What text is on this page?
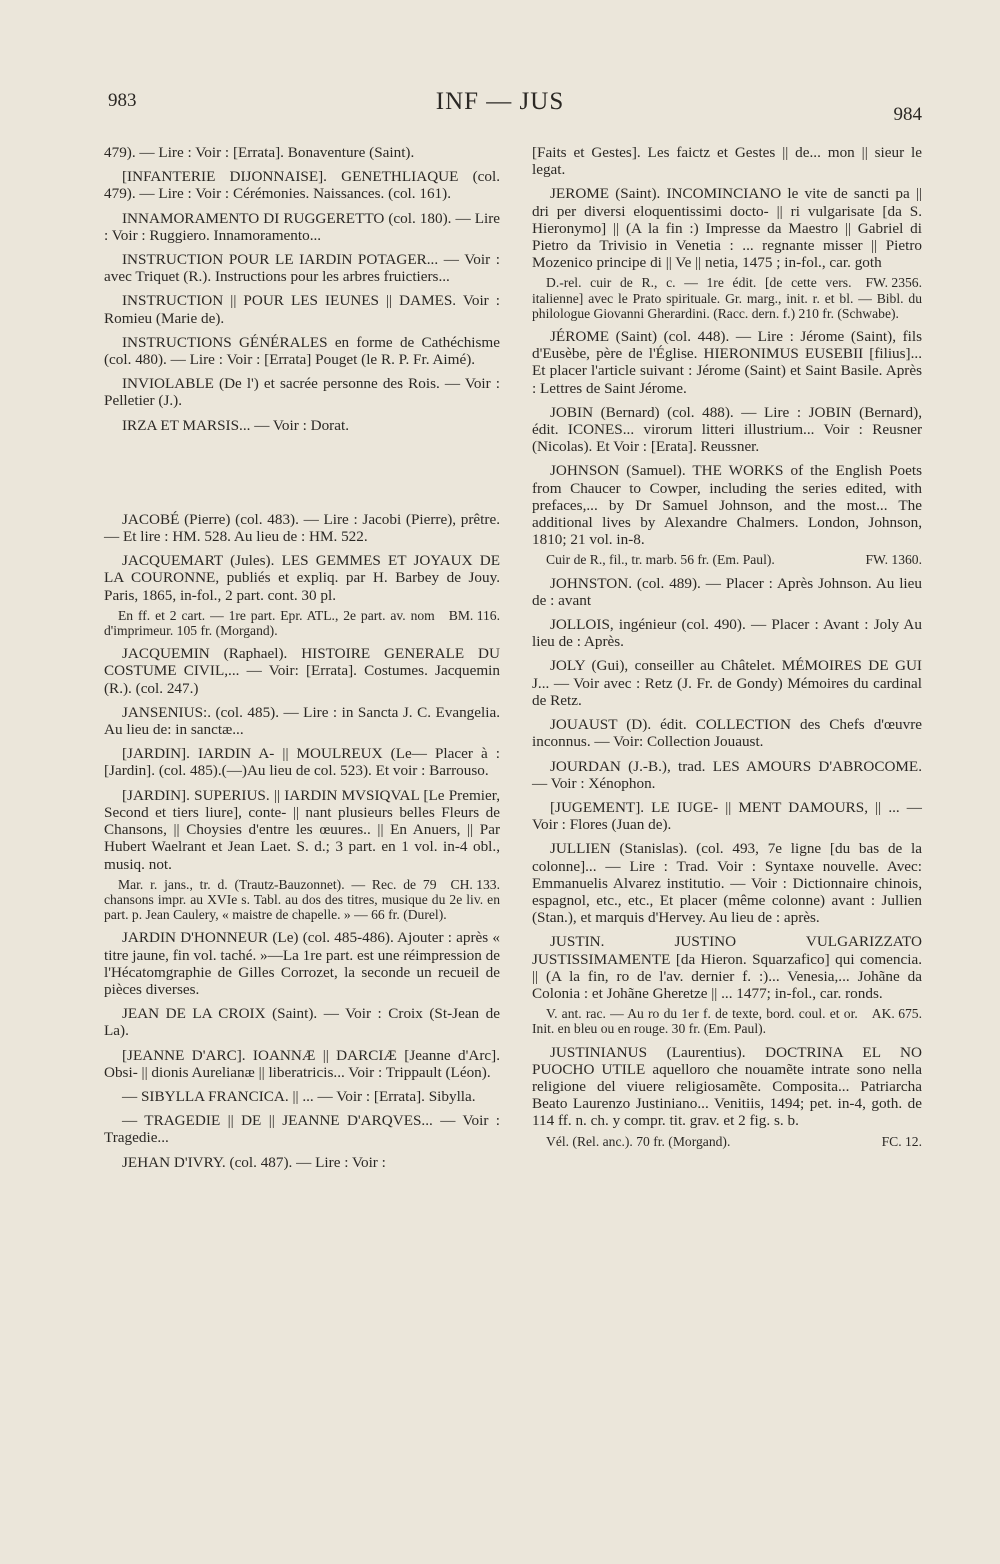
983	INF — JUS	984

479). — Lire : Voir : [Errata]. Bonaventure (Saint).

[INFANTERIE DIJONNAISE]. GENETHLIAQUE (col. 479). — Lire : Voir : Cérémonies. Naissances. (col. 161).

INNAMORAMENTO DI RUGGERETTO (col. 180). — Lire : Voir : Ruggiero. Innamoramento...

INSTRUCTION POUR LE IARDIN POTAGER... — Voir : avec Triquet (R.). Instructions pour les arbres fruictiers...

INSTRUCTION || POUR LES IEUNES || DAMES. Voir : Romieu (Marie de).

INSTRUCTIONS GÉNÉRALES en forme de Cathéchisme (col. 480). — Lire : Voir : [Errata] Pouget (le R. P. Fr. Aimé).

INVIOLABLE (De l') et sacrée personne des Rois. — Voir : Pelletier (J.).

IRZA ET MARSIS... — Voir : Dorat.

JACOBÉ (Pierre) (col. 483). — Lire : Jacobi (Pierre), prêtre. — Et lire : HM. 528. Au lieu de : HM. 522.

JACQUEMART (Jules). LES GEMMES ET JOYAUX DE LA COURONNE, publiés et expliq. par H. Barbey de Jouy. Paris, 1865, in-fol., 2 part. cont. 30 pl.

BM. 116.
En ff. et 2 cart. — 1re part. Epr. ATL., 2e part. av. nom d'imprimeur. 105 fr. (Morgand).

JACQUEMIN (Raphael). HISTOIRE GENERALE DU COSTUME CIVIL,... — Voir: [Errata]. Costumes. Jacquemin (R.). (col. 247.)

JANSENIUS:. (col. 485). — Lire : in Sancta J. C. Evangelia. Au lieu de: in sanctæ...

[JARDIN]. IARDIN A- || MOULREUX (Le— Placer à : [Jardin]. (col. 485).(—)Au lieu de col. 523). Et voir : Barrouso.

[JARDIN]. SUPERIUS. || IARDIN MVSIQVAL [Le Premier, Second et tiers liure], conte- || nant plusieurs belles Fleurs de Chansons, || Choysies d'entre les œuures.. || En Anuers, || Par Hubert Waelrant et Jean Laet. S. d.; 3 part. en 1 vol. in-4 obl., musiq. not.

CH. 133.
Mar. r. jans., tr. d. (Trautz-Bauzonnet). — Rec. de 79 chansons impr. au XVIe s. Tabl. au dos des titres, musique du 2e liv. en part. p. Jean Caulery, « maistre de chapelle. » — 66 fr. (Durel).

JARDIN D'HONNEUR (Le) (col. 485-486). Ajouter : après « titre jaune, fin vol. taché. »—La 1re part. est une réimpression de l'Hécatomgraphie de Gilles Corrozet, la seconde un recueil de pièces diverses.

JEAN DE LA CROIX (Saint). — Voir : Croix (St-Jean de La).

[JEANNE D'ARC]. IOANNÆ || DARCIÆ [Jeanne d'Arc]. Obsi- || dionis Aurelianæ || liberatricis... Voir : Trippault (Léon).

— SIBYLLA FRANCICA. || ... — Voir : [Errata]. Sibylla.

— TRAGEDIE || DE || JEANNE D'ARQVES... — Voir : Tragedie...

JEHAN D'IVRY. (col. 487). — Lire : Voir :

[Faits et Gestes]. Les faictz et Gestes || de... mon || sieur le legat.

JEROME (Saint). INCOMINCIANO le vite de sancti pa || dri per diversi eloquentissimi docto- || ri vulgarisate [da S. Hieronymo] || (A la fin :) Impresse da Maestro || Gabriel di Pietro da Trivisio in Venetia : ... regnante misser || Pietro Mozenico principe di || Ve || netia, 1475 ; in-fol., car. goth

FW. 2356.
D.-rel. cuir de R., c. — 1re édit. [de cette vers. italienne] avec le Prato spirituale. Gr. marg., init. r. et bl. — Bibl. du philologue Giovanni Gherardini. (Racc. dern. f.) 210 fr. (Schwabe).

JÉROME (Saint) (col. 448). — Lire : Jérome (Saint), fils d'Eusèbe, père de l'Église. HIERONIMUS EUSEBII [filius]... Et placer l'article suivant : Jérome (Saint) et Saint Basile. Après : Lettres de Saint Jérome.

JOBIN (Bernard) (col. 488). — Lire : JOBIN (Bernard), édit. ICONES... virorum litteri illustrium... Voir : Reusner (Nicolas). Et Voir : [Erata]. Reussner.

JOHNSON (Samuel). THE WORKS of the English Poets from Chaucer to Cowper, including the series edited, with prefaces,... by Dr Samuel Johnson, and the most... The additional lives by Alexandre Chalmers. London, Johnson, 1810; 21 vol. in-8.

FW. 1360.
Cuir de R., fil., tr. marb. 56 fr. (Em. Paul).

JOHNSTON. (col. 489). — Placer : Après Johnson. Au lieu de : avant

JOLLOIS, ingénieur (col. 490). — Placer : Avant : Joly Au lieu de : Après.

JOLY (Gui), conseiller au Châtelet. MÉMOIRES DE GUI J... — Voir avec : Retz (J. Fr. de Gondy) Mémoires du cardinal de Retz.

JOUAUST (D). édit. COLLECTION des Chefs d'œuvre inconnus. — Voir: Collection Jouaust.

JOURDAN (J.-B.), trad. LES AMOURS D'ABROCOME. — Voir : Xénophon.

[JUGEMENT]. LE IUGE- || MENT DAMOURS, || ... — Voir : Flores (Juan de).

JULLIEN (Stanislas). (col. 493, 7e ligne [du bas de la colonne]... — Lire : Trad. Voir : Syntaxe nouvelle. Avec: Emmanuelis Alvarez institutio. — Voir : Dictionnaire chinois, espagnol, etc., etc., Et placer (même colonne) avant : Jullien (Stan.), et marquis d'Hervey. Au lieu de : après.

JUSTIN. JUSTINO VULGARIZZATO JUSTISSIMAMENTE [da Hieron. Squarzafico] qui comencia. || (A la fin, ro de l'av. dernier f. :)... Venesia,... Johãne da Colonia : et Johãne Gheretze || ... 1477; in-fol., car. ronds.

AK. 675.
V. ant. rac. — Au ro du 1er f. de texte, bord. coul. et or. Init. en bleu ou en rouge. 30 fr. (Em. Paul).

JUSTINIANUS (Laurentius). DOCTRINA EL NO PUOCHO UTILE aquelloro che nouamẽte intrate sono nella religione del viuere religiosamẽte. Composita... Patriarcha Beato Laurenzo Justiniano... Venitiis, 1494; pet. in-4, goth. de 114 ff. n. ch. y compr. tit. grav. et 2 fig. s. b.

FC. 12.
Vél. (Rel. anc.). 70 fr. (Morgand).
